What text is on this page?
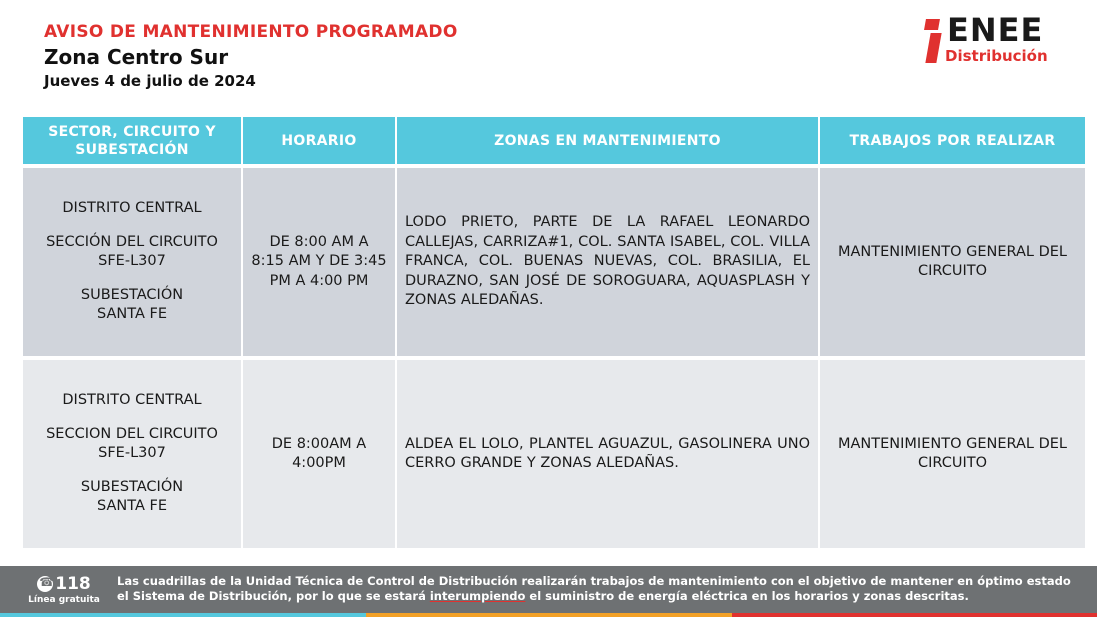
AVISO DE MANTENIMIENTO PROGRAMADO
Zona Centro Sur
Jueves 4 de julio de 2024
ENEE
Distribución
SECTOR, CIRCUITO Y SUBESTACIÓN	HORARIO	ZONAS EN MANTENIMIENTO	TRABAJOS POR REALIZAR

DISTRITO CENTRAL
SECCIÓN DEL CIRCUITO
SFE-L307
SUBESTACIÓN
SANTA FE	DE 8:00 AM A 8:15 AM Y DE 3:45 PM A 4:00 PM	LODO PRIETO, PARTE DE LA RAFAEL LEONARDO CALLEJAS, CARRIZA#1, COL. SANTA ISABEL, COL. VILLA FRANCA, COL. BUENAS NUEVAS, COL. BRASILIA, EL DURAZNO, SAN JOSÉ DE SOROGUARA, AQUASPLASH Y ZONAS ALEDAÑAS.	MANTENIMIENTO GENERAL DEL CIRCUITO

DISTRITO CENTRAL
SECCION DEL CIRCUITO
SFE-L307
SUBESTACIÓN
SANTA FE	DE 8:00AM A 4:00PM	ALDEA EL LOLO, PLANTEL AGUAZUL, GASOLINERA UNO CERRO GRANDE Y ZONAS ALEDAÑAS.	MANTENIMIENTO GENERAL DEL CIRCUITO
☎
118
Línea gratuita
Las cuadrillas de la Unidad Técnica de Control de Distribución realizarán trabajos de mantenimiento con el objetivo de mantener en óptimo estado el Sistema de Distribución, por lo que se estará interumpiendo el suministro de energía eléctrica en los horarios y zonas descritas.
